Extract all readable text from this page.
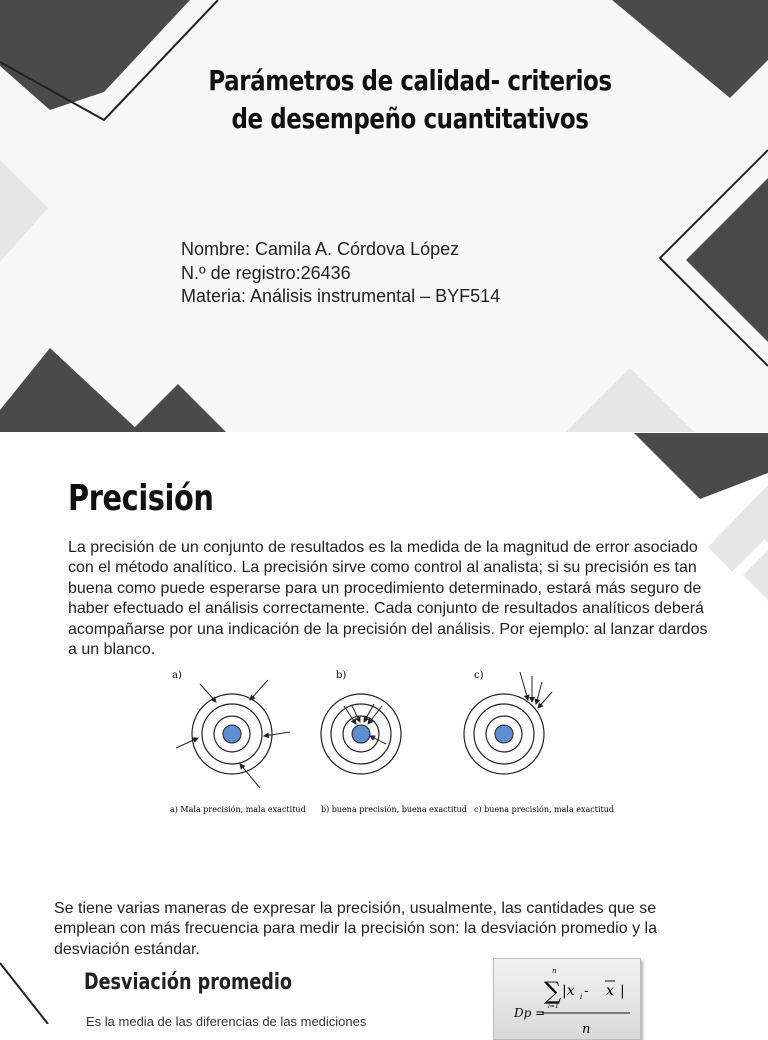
Parámetros de calidad- criterios
de desempeño cuantitativos
Nombre: Camila A. Córdova López
N.º de registro:26436
Materia: Análisis instrumental – BYF514
Precisión
La precisión de un conjunto de resultados es la medida de la magnitud de error asociado con el método analítico. La precisión sirve como control al analista; si su precisión es tan buena como puede esperarse para un procedimiento determinado, estará más seguro de haber efectuado el análisis correctamente. Cada conjunto de resultados analíticos deberá acompañarse por una indicación de la precisión del análisis. Por ejemplo: al lanzar dardos a un blanco.
a)	b)	c)
a) Mala precisión, mala exactitud b) buena precisión, buena exactitud c) buena precisión, mala exactitud
Se tiene varias maneras de expresar la precisión, usualmente, las cantidades que se emplean con más frecuencia para medir la precisión son: la desviación promedio y la desviación estándar.
Desviación promedio
Es la media de las diferencias de las mediciones
Dp =
n
∑
i=1
|x i - x |
n
